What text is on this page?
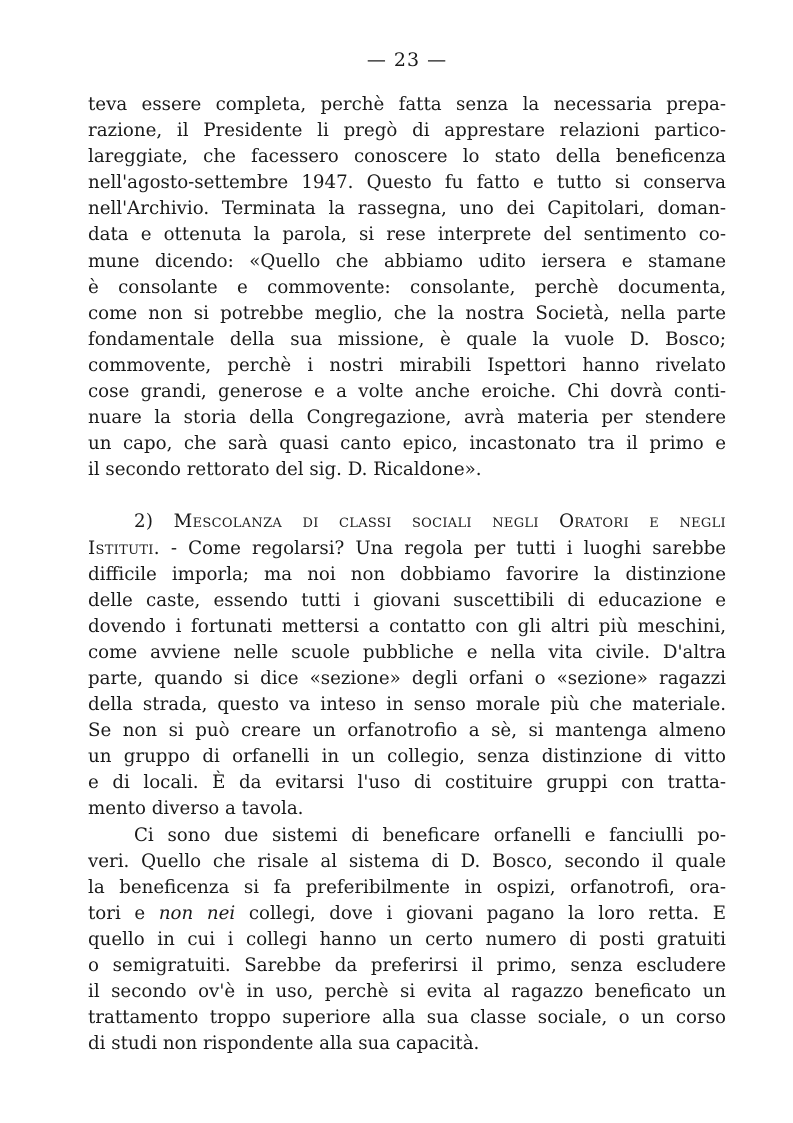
— 23 —
teva essere completa, perchè fatta senza la necessaria prepa-
razione, il Presidente li pregò di apprestare relazioni partico-
lareggiate, che facessero conoscere lo stato della beneficenza
nell'agosto-settembre 1947. Questo fu fatto e tutto si conserva
nell'Archivio. Terminata la rassegna, uno dei Capitolari, doman-
data e ottenuta la parola, si rese interprete del sentimento co-
mune dicendo: «Quello che abbiamo udito iersera e stamane
è consolante e commovente: consolante, perchè documenta,
come non si potrebbe meglio, che la nostra Società, nella parte
fondamentale della sua missione, è quale la vuole D. Bosco;
commovente, perchè i nostri mirabili Ispettori hanno rivelato
cose grandi, generose e a volte anche eroiche. Chi dovrà conti-
nuare la storia della Congregazione, avrà materia per stendere
un capo, che sarà quasi canto epico, incastonato tra il primo e
il secondo rettorato del sig. D. Ricaldone».
2) Mescolanza di classi sociali negli Oratori e negli
Istituti. - Come regolarsi? Una regola per tutti i luoghi sarebbe
difficile imporla; ma noi non dobbiamo favorire la distinzione
delle caste, essendo tutti i giovani suscettibili di educazione e
dovendo i fortunati mettersi a contatto con gli altri più meschini,
come avviene nelle scuole pubbliche e nella vita civile. D'altra
parte, quando si dice «sezione» degli orfani o «sezione» ragazzi
della strada, questo va inteso in senso morale più che materiale.
Se non si può creare un orfanotrofio a sè, si mantenga almeno
un gruppo di orfanelli in un collegio, senza distinzione di vitto
e di locali. È da evitarsi l'uso di costituire gruppi con tratta-
mento diverso a tavola.
Ci sono due sistemi di beneficare orfanelli e fanciulli po-
veri. Quello che risale al sistema di D. Bosco, secondo il quale
la beneficenza si fa preferibilmente in ospizi, orfanotrofi, ora-
tori e non nei collegi, dove i giovani pagano la loro retta. E
quello in cui i collegi hanno un certo numero di posti gratuiti
o semigratuiti. Sarebbe da preferirsi il primo, senza escludere
il secondo ov'è in uso, perchè si evita al ragazzo beneficato un
trattamento troppo superiore alla sua classe sociale, o un corso
di studi non rispondente alla sua capacità.
